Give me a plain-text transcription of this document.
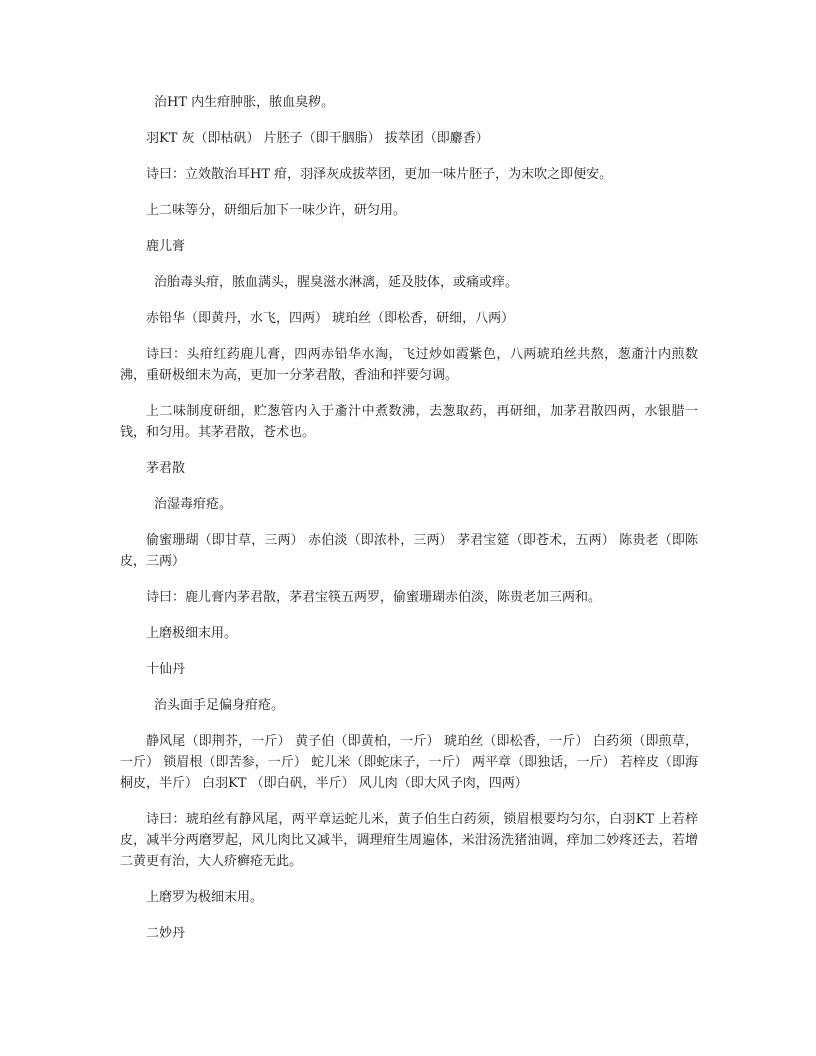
治HT 内生疳肿胀，脓血臭秽。

羽KT 灰（即枯矾） 片胚子（即干胭脂） 拔萃团（即麝香）

诗曰：立效散治耳HT 疳，羽泽灰成拔萃团，更加一味片胚子，为末吹之即便安。

上二味等分，研细后加下一味少许，研匀用。

鹿儿膏

治胎毒头疳，脓血满头，腥臭滋水淋漓，延及肢体，或痛或痒。

赤铅华（即黄丹，水飞，四两） 琥珀丝（即松香，研细，八两）

诗曰：头疳红药鹿儿膏，四两赤铅华水淘，飞过炒如霞紫色，八两琥珀丝共熬，葱齑汁内煎数沸，重研极细末为高，更加一分茅君散，香油和拌要匀调。

上二味制度研细，贮葱管内入于齑汁中煮数沸，去葱取药，再研细，加茅君散四两，水银腊一钱，和匀用。其茅君散，苍术也。

茅君散

治湿毒疳疮。

偷蜜珊瑚（即甘草，三两） 赤伯淡（即浓朴，三两） 茅君宝筵（即苍术，五两） 陈贵老（即陈皮，三两）

诗曰：鹿儿膏内茅君散，茅君宝筷五两罗，偷蜜珊瑚赤伯淡，陈贵老加三两和。

上磨极细末用。

十仙丹

治头面手足偏身疳疮。

静风尾（即荆芥，一斤） 黄子伯（即黄柏，一斤） 琥珀丝（即松香，一斤） 白药须（即煎草，一斤） 锁眉根（即苦参，一斤） 蛇儿米（即蛇床子，一斤） 两平章（即独话，一斤） 若梓皮（即海桐皮，半斤） 白羽KT （即白矾，半斤） 风儿肉（即大风子肉，四两）

诗曰：琥珀丝有静风尾，两平章运蛇儿米，黄子伯生白药须，锁眉根要均匀尔，白羽KT 上若梓皮，减半分两磨罗起，风儿肉比又减半，调理疳生周遍体，米泔汤洗猪油调，痒加二妙疼还去，若增二黄更有治，大人疥癣疮无此。

上磨罗为极细末用。

二妙丹
